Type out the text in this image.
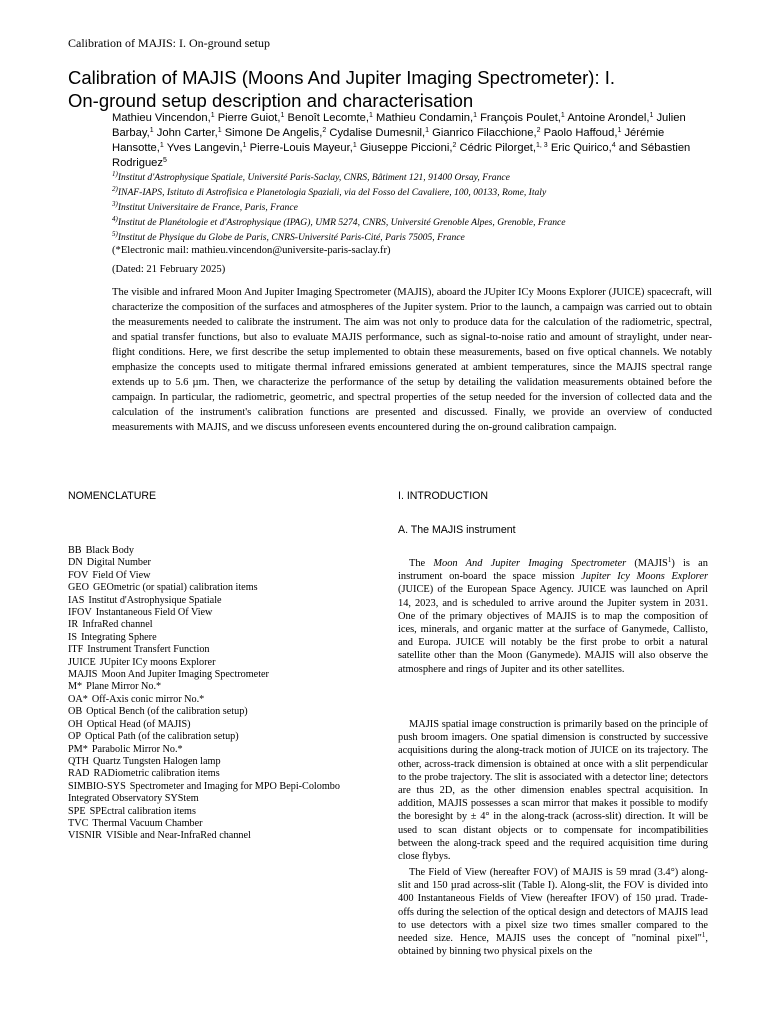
Calibration of MAJIS: I. On-ground setup
Calibration of MAJIS (Moons And Jupiter Imaging Spectrometer): I.
On-ground setup description and characterisation
Mathieu Vincendon,$^1$ Pierre Guiot,$^1$ Benoît Lecomte,$^1$ Mathieu Condamin,$^1$ François Poulet,$^1$ Antoine Arondel,$^1$ Julien Barbay,$^1$ John Carter,$^1$ Simone De Angelis,$^2$ Cydalise Dumesnil,$^1$ Gianrico Filacchione,$^2$ Paolo Haffoud,$^1$ Jérémie Hansotte,$^1$ Yves Langevin,$^1$ Pierre-Louis Mayeur,$^1$ Giuseppe Piccioni,$^2$ Cédric Pilorget,$^{1, 3}$ Eric Quirico,$^4$ and Sébastien Rodriguez$^5$
$^{1)}$Institut d'Astrophysique Spatiale, Université Paris-Saclay, CNRS, Bâtiment 121, 91400 Orsay, France
$^{2)}$INAF-IAPS, Istituto di Astrofisica e Planetologia Spaziali, via del Fosso del Cavaliere, 100, 00133, Rome, Italy
$^{3)}$Institut Universitaire de France, Paris, France
$^{4)}$Institut de Planétologie et d'Astrophysique (IPAG), UMR 5274, CNRS, Université Grenoble Alpes, Grenoble, France
$^{5)}$Institut de Physique du Globe de Paris, CNRS-Université Paris-Cité, Paris 75005, France
(*Electronic mail: mathieu.vincendon@universite-paris-saclay.fr)
(Dated: 21 February 2025)
The visible and infrared Moon And Jupiter Imaging Spectrometer (MAJIS), aboard the JUpiter ICy Moons Explorer (JUICE) spacecraft, will characterize the composition of the surfaces and atmospheres of the Jupiter system. Prior to the launch, a campaign was carried out to obtain the measurements needed to calibrate the instrument. The aim was not only to produce data for the calculation of the radiometric, spectral, and spatial transfer functions, but also to evaluate MAJIS performance, such as signal-to-noise ratio and amount of straylight, under near-flight conditions. Here, we first describe the setup implemented to obtain these measurements, based on five optical channels. We notably emphasize the concepts used to mitigate thermal infrared emissions generated at ambient temperatures, since the MAJIS spectral range extends up to 5.6 µm. Then, we characterize the performance of the setup by detailing the validation measurements obtained before the campaign. In particular, the radiometric, geometric, and spectral properties of the setup needed for the inversion of collected data and the calculation of the instrument's calibration functions are presented and discussed. Finally, we provide an overview of conducted measurements with MAJIS, and we discuss unforeseen events encountered during the on-ground calibration campaign.
NOMENCLATURE
BB Black Body
DN Digital Number
FOV Field Of View
GEO GEOmetric (or spatial) calibration items
IAS Institut d'Astrophysique Spatiale
IFOV Instantaneous Field Of View
IR InfraRed channel
IS Integrating Sphere
ITF Instrument Transfert Function
JUICE JUpiter ICy moons Explorer
MAJIS Moon And Jupiter Imaging Spectrometer
M* Plane Mirror No.*
OA* Off-Axis conic mirror No.*
OB Optical Bench (of the calibration setup)
OH Optical Head (of MAJIS)
OP Optical Path (of the calibration setup)
PM* Parabolic Mirror No.*
QTH Quartz Tungsten Halogen lamp
RAD RADiometric calibration items
SIMBIO-SYS Spectrometer and Imaging for MPO Bepi-Colombo
Integrated Observatory SYStem
SPE SPEctral calibration items
TVC Thermal Vacuum Chamber
VISNIR VISible and Near-InfraRed channel
I. INTRODUCTION
A. The MAJIS instrument

The Moon And Jupiter Imaging Spectrometer (MAJIS$^1$) is an instrument on-board the space mission Jupiter Icy Moons Explorer (JUICE) of the European Space Agency. JUICE was launched on April 14, 2023, and is scheduled to arrive around the Jupiter system in 2031. One of the primary objectives of MAJIS is to map the composition of ices, minerals, and organic matter at the surface of Ganymede, Callisto, and Europa. JUICE will notably be the first probe to orbit a natural satellite other than the Moon (Ganymede). MAJIS will also observe the atmosphere and rings of Jupiter and its other satellites.

MAJIS spatial image construction is primarily based on the principle of push broom imagers. One spatial dimension is constructed by successive acquisitions during the along-track motion of JUICE on its trajectory. The other, across-track dimension is obtained at once with a slit perpendicular to the probe trajectory. The slit is associated with a detector line; detectors are thus 2D, as the other dimension enables spectral acquisition. In addition, MAJIS possesses a scan mirror that makes it possible to modify the boresight by ± 4° in the along-track (across-slit) direction. It will be used to scan distant objects or to compensate for incompatibilities between the along-track speed and the required acquisition time during close flybys.

The Field of View (hereafter FOV) of MAJIS is 59 mrad (3.4°) along-slit and 150 µrad across-slit (Table I). Along-slit, the FOV is divided into 400 Instantaneous Fields of View (hereafter IFOV) of 150 µrad. Trade-offs during the selection of the optical design and detectors of MAJIS lead to use detectors with a pixel size two times smaller compared to the needed size. Hence, MAJIS uses the concept of "nominal pixel"$^1$, obtained by binning two physical pixels on the
